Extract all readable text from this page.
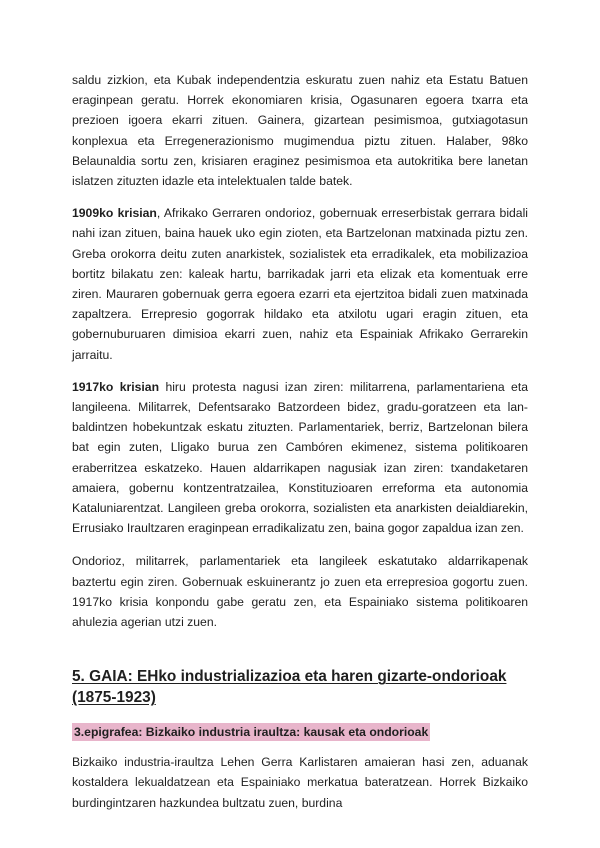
saldu zizkion, eta Kubak independentzia eskuratu zuen nahiz eta Estatu Batuen eraginpean geratu. Horrek ekonomiaren krisia, Ogasunaren egoera txarra eta prezioen igoera ekarri zituen. Gainera, gizartean pesimismoa, gutxiagotasun konplexua eta Erregenerazionismo mugimendua piztu zituen. Halaber, 98ko Belaunaldia sortu zen, krisiaren eraginez pesimismoa eta autokritika bere lanetan islatzen zituzten idazle eta intelektualen talde batek.

1909ko krisian, Afrikako Gerraren ondorioz, gobernuak erreserbistak gerrara bidali nahi izan zituen, baina hauek uko egin zioten, eta Bartzelonan matxinada piztu zen. Greba orokorra deitu zuten anarkistek, sozialistek eta erradikalek, eta mobilizazioa bortitz bilakatu zen: kaleak hartu, barrikadak jarri eta elizak eta komentuak erre ziren. Mauraren gobernuak gerra egoera ezarri eta ejertzitoa bidali zuen matxinada zapaltzera. Errepresio gogorrak hildako eta atxilotu ugari eragin zituen, eta gobernuburuaren dimisioa ekarri zuen, nahiz eta Espainiak Afrikako Gerrarekin jarraitu.

1917ko krisian hiru protesta nagusi izan ziren: militarrena, parlamentariena eta langileena. Militarrek, Defentsarako Batzordeen bidez, gradu-goratzeen eta lan-baldintzen hobekuntzak eskatu zituzten. Parlamentariek, berriz, Bartzelonan bilera bat egin zuten, Lligako burua zen Cambóren ekimenez, sistema politikoaren eraberritzea eskatzeko. Hauen aldarrikapen nagusiak izan ziren: txandaketaren amaiera, gobernu kontzentratzailea, Konstituzioaren erreforma eta autonomia Kataluniarentzat. Langileen greba orokorra, sozialisten eta anarkisten deialdiarekin, Errusiako Iraultzaren eraginpean erradikalizatu zen, baina gogor zapaldua izan zen.

Ondorioz, militarrek, parlamentariek eta langileek eskatutako aldarrikapenak baztertu egin ziren. Gobernuak eskuinerantz jo zuen eta errepresioa gogortu zuen. 1917ko krisia konpondu gabe geratu zen, eta Espainiako sistema politikoaren ahulezia agerian utzi zuen.

5. GAIA: EHko industrializazioa eta haren gizarte-ondorioak (1875-1923)
3.epigrafea: Bizkaiko industria iraultza: kausak eta ondorioak

Bizkaiko industria-iraultza Lehen Gerra Karlistaren amaieran hasi zen, aduanak kostaldera lekualdatzean eta Espainiako merkatua bateratzean. Horrek Bizkaiko burdingintzaren hazkundea bultzatu zuen, burdina
